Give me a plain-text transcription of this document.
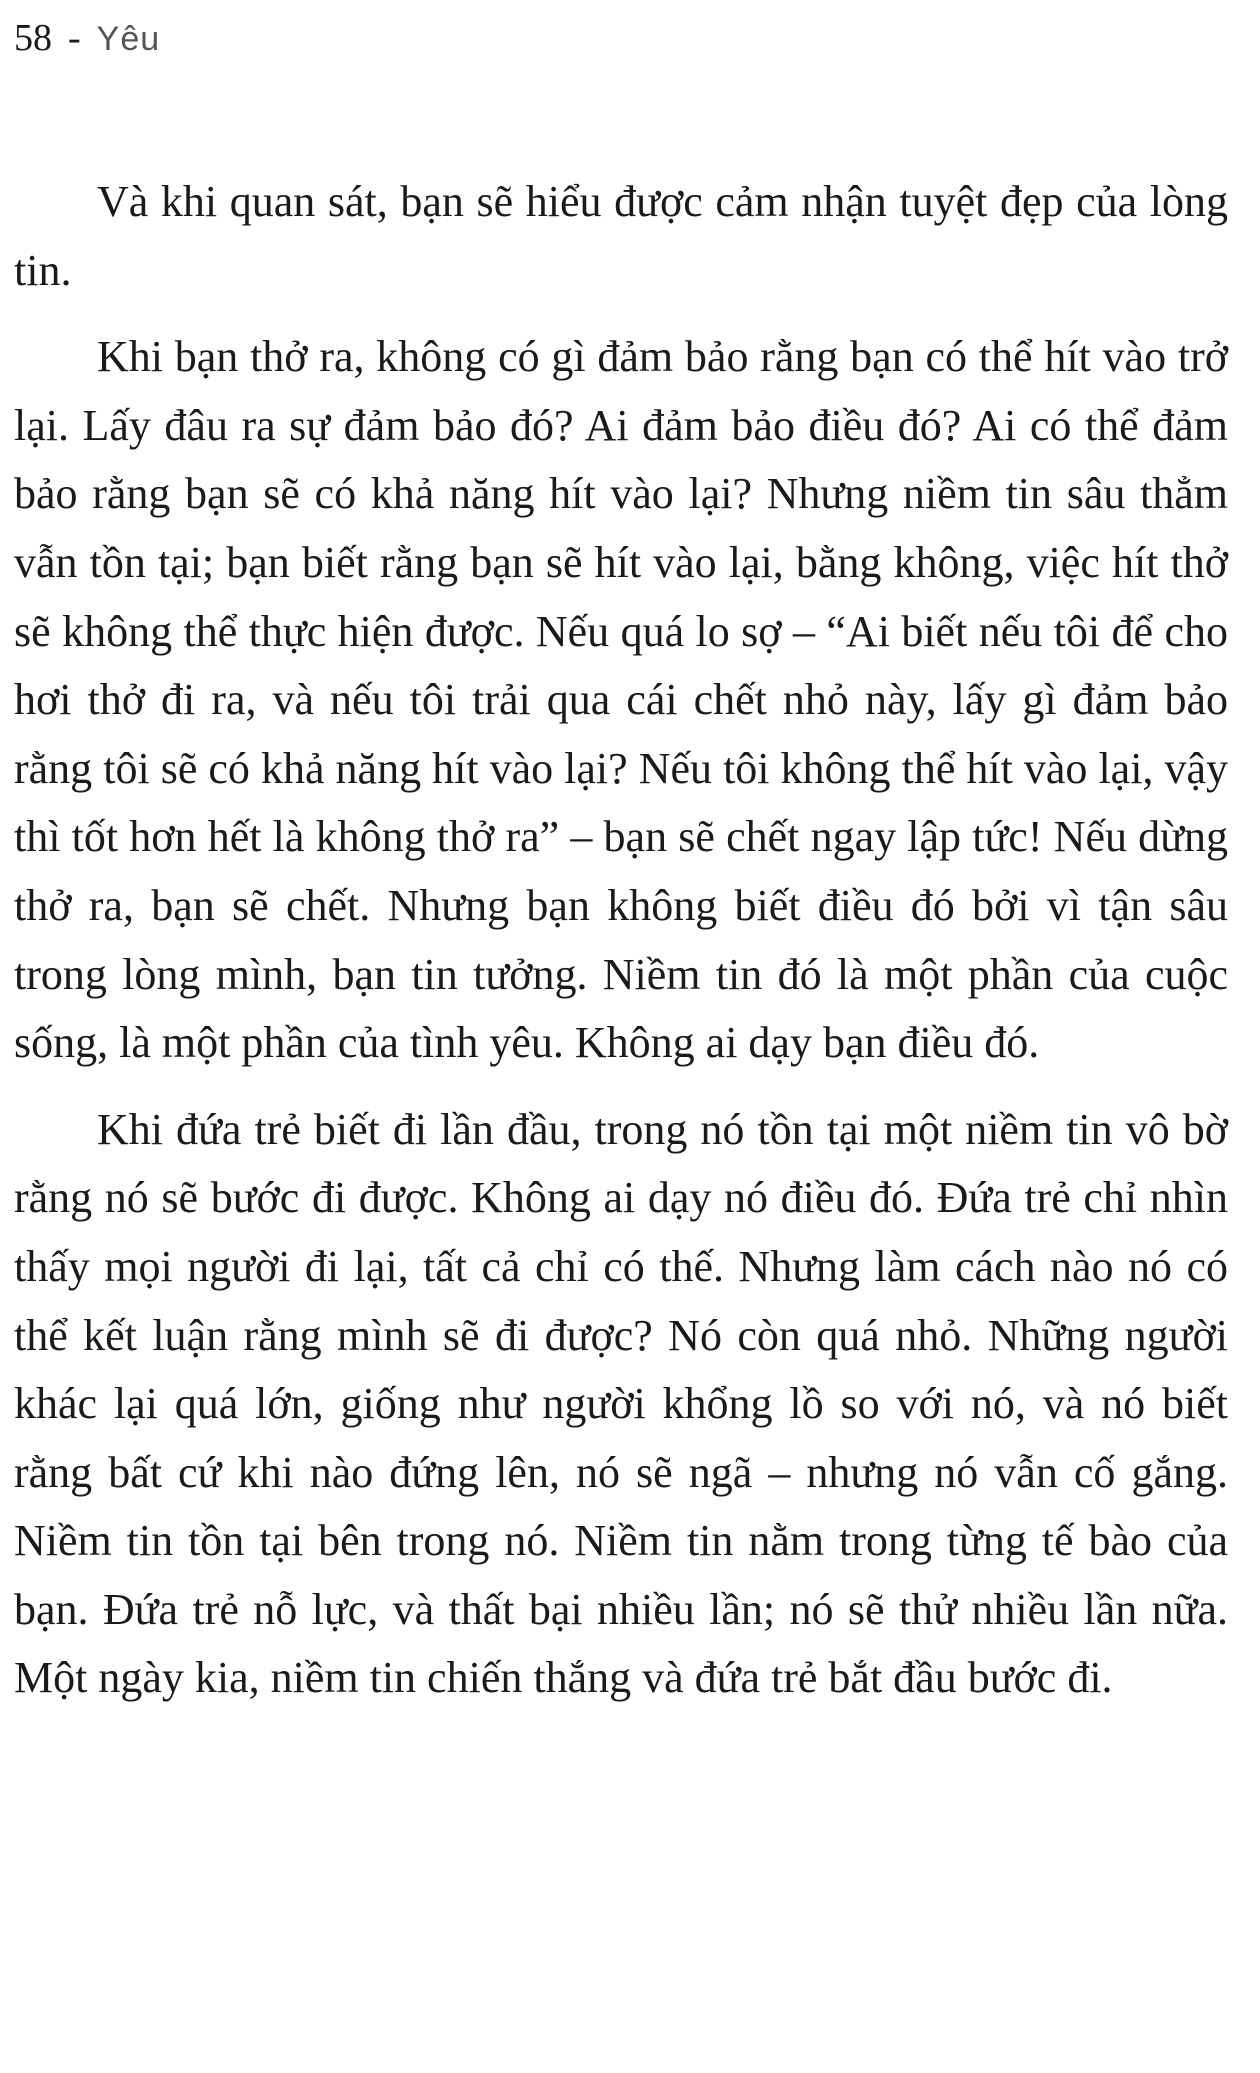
58 - Yêu

Và khi quan sát, bạn sẽ hiểu được cảm nhận tuyệt đẹp của lòng tin.

Khi bạn thở ra, không có gì đảm bảo rằng bạn có thể hít vào trở lại. Lấy đâu ra sự đảm bảo đó? Ai đảm bảo điều đó? Ai có thể đảm bảo rằng bạn sẽ có khả năng hít vào lại? Nhưng niềm tin sâu thẳm vẫn tồn tại; bạn biết rằng bạn sẽ hít vào lại, bằng không, việc hít thở sẽ không thể thực hiện được. Nếu quá lo sợ – “Ai biết nếu tôi để cho hơi thở đi ra, và nếu tôi trải qua cái chết nhỏ này, lấy gì đảm bảo rằng tôi sẽ có khả năng hít vào lại? Nếu tôi không thể hít vào lại, vậy thì tốt hơn hết là không thở ra” – bạn sẽ chết ngay lập tức! Nếu dừng thở ra, bạn sẽ chết. Nhưng bạn không biết điều đó bởi vì tận sâu trong lòng mình, bạn tin tưởng. Niềm tin đó là một phần của cuộc sống, là một phần của tình yêu. Không ai dạy bạn điều đó.

Khi đứa trẻ biết đi lần đầu, trong nó tồn tại một niềm tin vô bờ rằng nó sẽ bước đi được. Không ai dạy nó điều đó. Đứa trẻ chỉ nhìn thấy mọi người đi lại, tất cả chỉ có thế. Nhưng làm cách nào nó có thể kết luận rằng mình sẽ đi được? Nó còn quá nhỏ. Những người khác lại quá lớn, giống như người khổng lồ so với nó, và nó biết rằng bất cứ khi nào đứng lên, nó sẽ ngã – nhưng nó vẫn cố gắng. Niềm tin tồn tại bên trong nó. Niềm tin nằm trong từng tế bào của bạn. Đứa trẻ nỗ lực, và thất bại nhiều lần; nó sẽ thử nhiều lần nữa. Một ngày kia, niềm tin chiến thắng và đứa trẻ bắt đầu bước đi.
